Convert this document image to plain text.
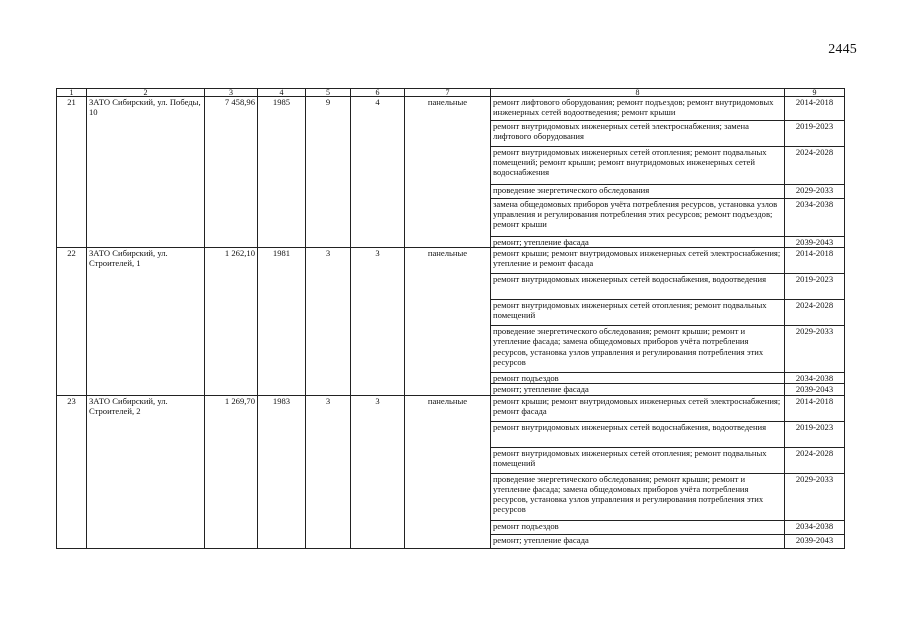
2445
1	2	3	4	5	6	7	8	9
21	ЗАТО Сибирский, ул. Победы, 10	7 458,96	1985	9	4	панельные	ремонт лифтового оборудования; ремонт подъездов; ремонт внутридомовых инженерных сетей водоотведения; ремонт крыши	2014-2018
							ремонт внутридомовых инженерных сетей электроснабжения; замена лифтового оборудования	2019-2023
							ремонт внутридомовых инженерных сетей отопления; ремонт подвальных помещений; ремонт крыши; ремонт внутридомовых инженерных сетей водоснабжения	2024-2028
							проведение энергетического обследования	2029-2033
							замена общедомовых приборов учёта потребления ресурсов, установка узлов управления и регулирования потребления этих ресурсов; ремонт подъездов; ремонт крыши	2034-2038
							ремонт; утепление фасада	2039-2043
22	ЗАТО Сибирский, ул. Строителей, 1	1 262,10	1981	3	3	панельные	ремонт крыши; ремонт внутридомовых инженерных сетей электроснабжения; утепление и ремонт фасада	2014-2018
							ремонт внутридомовых инженерных сетей водоснабжения, водоотведения	2019-2023
							ремонт внутридомовых инженерных сетей отопления; ремонт подвальных помещений	2024-2028
							проведение энергетического обследования; ремонт крыши; ремонт и утепление фасада; замена общедомовых приборов учёта потребления ресурсов, установка узлов управления и регулирования потребления этих ресурсов	2029-2033
							ремонт подъездов	2034-2038
							ремонт; утепление фасада	2039-2043
23	ЗАТО Сибирский, ул. Строителей, 2	1 269,70	1983	3	3	панельные	ремонт крыши; ремонт внутридомовых инженерных сетей электроснабжения; ремонт фасада	2014-2018
							ремонт внутридомовых инженерных сетей водоснабжения, водоотведения	2019-2023
							ремонт внутридомовых инженерных сетей отопления; ремонт подвальных помещений	2024-2028
							проведение энергетического обследования; ремонт крыши; ремонт и утепление фасада; замена общедомовых приборов учёта потребления ресурсов, установка узлов управления и регулирования потребления этих ресурсов	2029-2033
							ремонт подъездов	2034-2038
							ремонт; утепление фасада	2039-2043
